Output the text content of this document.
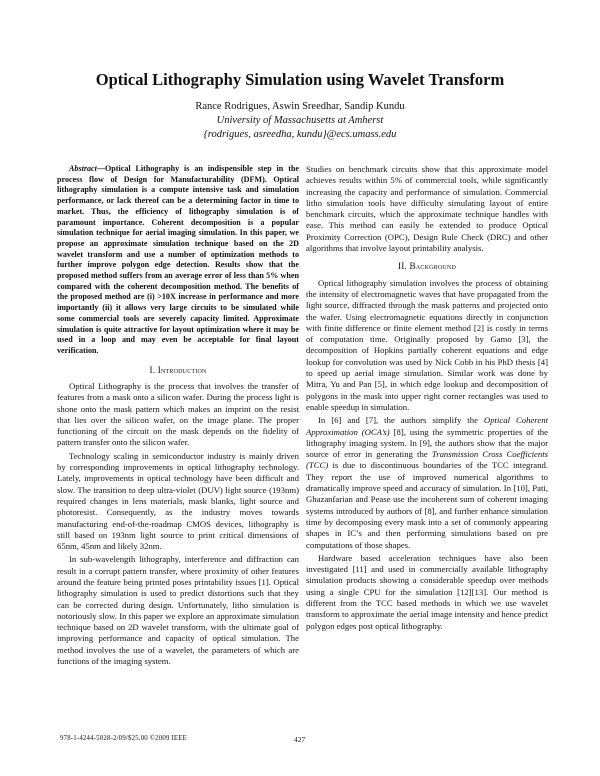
Optical Lithography Simulation using Wavelet Transform
Rance Rodrigues, Aswin Sreedhar, Sandip Kundu
University of Massachusetts at Amherst
{rodrigues, asreedha, kundu}@ecs.umass.edu
Abstract—Optical Lithography is an indispensible step in the process flow of Design for Manufacturability (DFM). Optical lithography simulation is a compute intensive task and simulation performance, or lack thereof can be a determining factor in time to market. Thus, the efficiency of lithography simulation is of paramount importance. Coherent decomposition is a popular simulation technique for aerial imaging simulation. In this paper, we propose an approximate simulation technique based on the 2D wavelet transform and use a number of optimization methods to further improve polygon edge detection. Results show that the proposed method suffers from an average error of less than 5% when compared with the coherent decomposition method. The benefits of the proposed method are (i) >10X increase in performance and more importantly (ii) it allows very large circuits to be simulated while some commercial tools are severely capacity limited. Approximate simulation is quite attractive for layout optimization where it may be used in a loop and may even be acceptable for final layout verification.
I. Introduction

Optical Lithography is the process that involves the transfer of features from a mask onto a silicon wafer. During the process light is shone onto the mask pattern which makes an imprint on the resist that lies over the silicon wafer, on the image plane. The proper functioning of the circuit on the mask depends on the fidelity of pattern transfer onto the silicon wafer.

Technology scaling in semiconductor industry is mainly driven by corresponding improvements in optical lithography technology. Lately, improvements in optical technology have been difficult and slow. The transition to deep ultra-violet (DUV) light source (193nm) required changes in lens materials, mask blanks, light source and photoresist. Consequently, as the industry moves towards manufacturing end-of-the-roadmap CMOS devices, lithography is still based on 193nm light source to print critical dimensions of 65nm, 45nm and likely 32nm.

In sub-wavelength lithography, interference and diffraction can result in a corrupt pattern transfer, where proximity of other features around the feature being printed poses printability issues [1]. Optical lithography simulation is used to predict distortions such that they can be corrected during design. Unfortunately, litho simulation is notoriously slow. In this paper we explore an approximate simulation technique based on 2D wavelet transform, with the ultimate goal of improving performance and capacity of optical simulation. The method involves the use of a wavelet, the parameters of which are functions of the imaging system.

Studies on benchmark circuits show that this approximate model achieves results within 5% of commercial tools, while significantly increasing the capacity and performance of simulation. Commercial litho simulation tools have difficulty simulating layout of entire benchmark circuits, which the approximate technique handles with ease. This method can easily be extended to produce Optical Proximity Correction (OPC), Design Rule Check (DRC) and other algorithms that involve layout printability analysis.

II. Background

Optical lithography simulation involves the process of obtaining the intensity of electromagnetic waves that have propagated from the light source, diffracted through the mask patterns and projected onto the wafer. Using electromagnetic equations directly in conjunction with finite difference or finite element method [2] is costly in terms of computation time. Originally proposed by Gamo [3], the decomposition of Hopkins partially coherent equations and edge lookup for convolution was used by Nick Cobb in his PhD thesis [4] to speed up aerial image simulation. Similar work was done by Mitra, Yu and Pan [5], in which edge lookup and decomposition of polygons in the mask into upper right corner rectangles was used to enable speedup in simulation.

In [6] and [7], the authors simplify the Optical Coherent Approximation (OCA’s) [8], using the symmetric properties of the lithography imaging system. In [9], the authors show that the major source of error in generating the Transmission Cross Coefficients (TCC) is due to discontinuous boundaries of the TCC integrand. They report the use of improved numerical algorithms to dramatically improve speed and accuracy of simulation. In [10], Pati, Ghazanfarian and Pease use the incoherent sum of coherent imaging systems introduced by authors of [8], and further enhance simulation time by decomposing every mask into a set of commonly appearing shapes in IC’s and then performing simulations based on pre computations of those shapes.

Hardware based acceleration techniques have also been investigated [11] and used in commercially available lithography simulation products showing a considerable speedup over methods using a single CPU for the simulation [12][13]. Our method is different from the TCC based methods in which we use wavelet transform to approximate the aerial image intensity and hence predict polygon edges post optical lithography.

978-1-4244-5028-2/09/$25.00 ©2009 IEEE	427
